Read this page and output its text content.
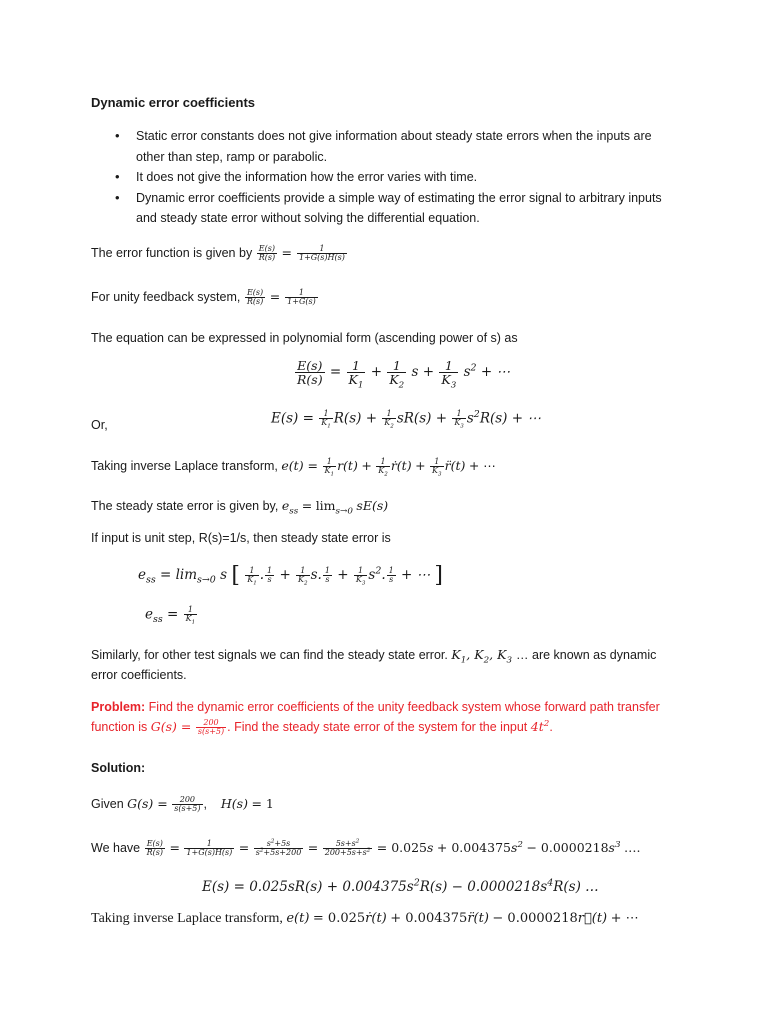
Dynamic error coefficients
• Static error constants does not give information about steady state errors when the inputs are other than step, ramp or parabolic.
• It does not give the information how the error varies with time.
• Dynamic error coefficients provide a simple way of estimating the error signal to arbitrary inputs and steady state error without solving the differential equation.
The error function is given by $\frac{E(s)}{R(s)} = \frac{1}{1+G(s)H(s)}$
For unity feedback system, $\frac{E(s)}{R(s)} = \frac{1}{1+G(s)}$
The equation can be expressed in polynomial form (ascending power of s) as
$\frac{E(s)}{R(s)} = \frac{1}{K_1} + \frac{1}{K_2}$ $s + \frac{1}{K_3} s^2$ + ⋯
Or,	$E(s) = \frac{1}{K_1} R(s) + \frac{1}{K_2} sR(s) + \frac{1}{K_3} s^2R(s)$ + ⋯
Taking inverse Laplace transform, $e(t) = \frac{1}{K_1} r(t) + \frac{1}{K_2}$ ṙ(t) + $\frac{1}{K_3}$ r̈(t) + ⋯
The steady state error is given by, $e_{ss} = \lim_{s\to 0} sE(s)$
If input is unit step, R(s)=1/s, then steady state error is
$e_{ss} = \lim_{s\to 0} s$ [ $\frac{1}{K_1}$ . $\frac{1}{s} + \frac{1}{K_2} s$. $\frac{1}{s} + \frac{1}{K_3} s^2$. $\frac{1}{s}$ + ⋯ ]
$e_{ss} = \frac{1}{K_1}$
Similarly, for other test signals we can find the steady state error. $K_1$, $K_2$, $K_3$ … are known as dynamic
error coefficients.
Problem: Find the dynamic error coefficients of the unity feedback system whose forward path transfer
function is $G(s) = \frac{200}{s(s+5)}$ . Find the steady state error of the system for the input $4t^2$.
Solution:
Given $G(s) = \frac{200}{s(s+5)}$ ,    H(s) = 1
We have $\frac{E(s)}{R(s)} = \frac{1}{1+G(s)H(s)} = \frac{s^2+5s}{s^2+5s+200} = \frac{5s+s^2}{200+5s+s^2} = 0.025s + 0.004375s^2 - 0.0000218s^3$ ….
$E(s) = 0.025sR(s) + 0.004375s^2R(s) - 0.0000218s^4R(s)$ …
Taking inverse Laplace transform, e(t) = 0.025ṙ(t) + 0.004375r̈(t) − 0.0000218r⃛(t) + ⋯
